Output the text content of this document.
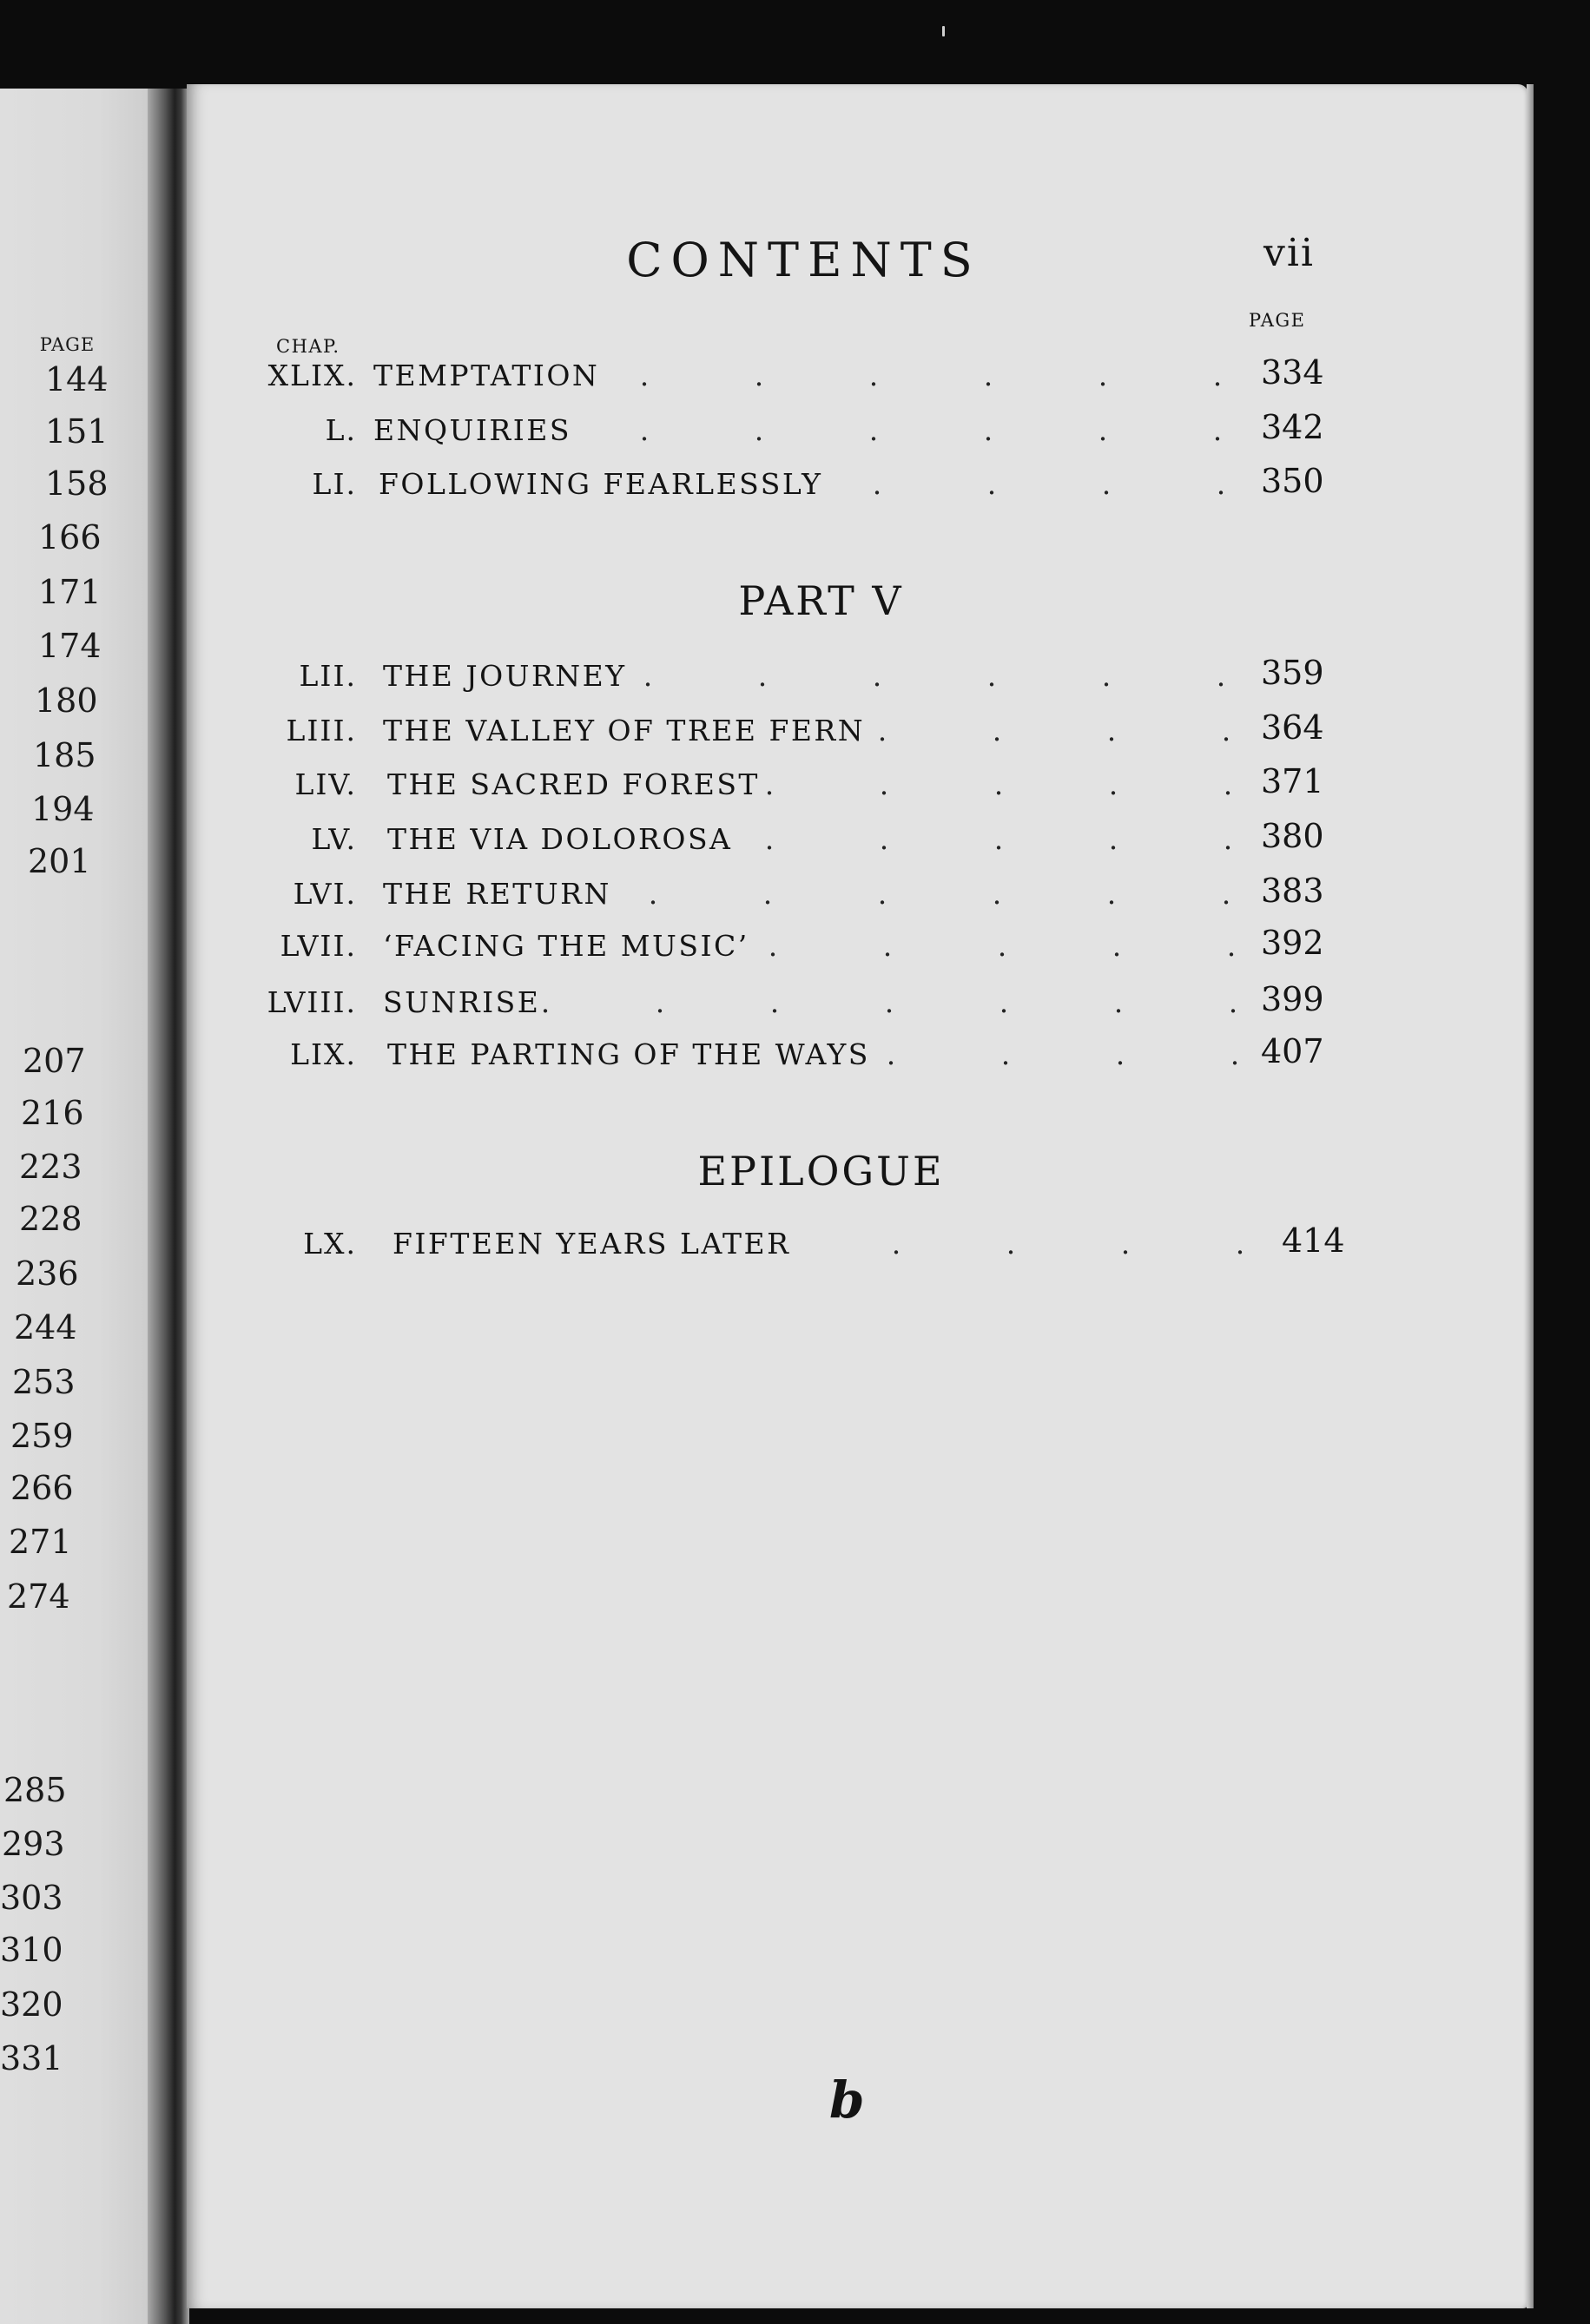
PAGE
144
151
158
166
171
174
180
185
194
201
207
216
223
228
236
244
253
259
266
271
274
285
293
303
310
320
331
CONTENTS	vii
PAGE
CHAP.
XLIX. TEMPTATION	.	.	.	.	.	.	334
L. ENQUIRIES	.	.	.	.	.	.	342
LI. FOLLOWING FEARLESSLY	.	.	.	.	350
PART V
LII. THE JOURNEY .	.	.	.	.	.	359
LIII. THE VALLEY OF TREE FERN .	.	.	. 364
LIV. THE SACRED FOREST .	.	.	.	. 371
LV. THE VIA DOLOROSA	.	.	.	.	. 380
LVI. THE RETURN	.	.	.	.	.	. 383
LVII. ‘FACING THE MUSIC’ .	.	.	.	. 392
LVIII. SUNRISE .	.	.	.	.	.	. 399
LIX. THE PARTING OF THE WAYS .	.	.	. 407
EPILOGUE
LX. FIFTEEN YEARS LATER	.	.	.	.	414
b
